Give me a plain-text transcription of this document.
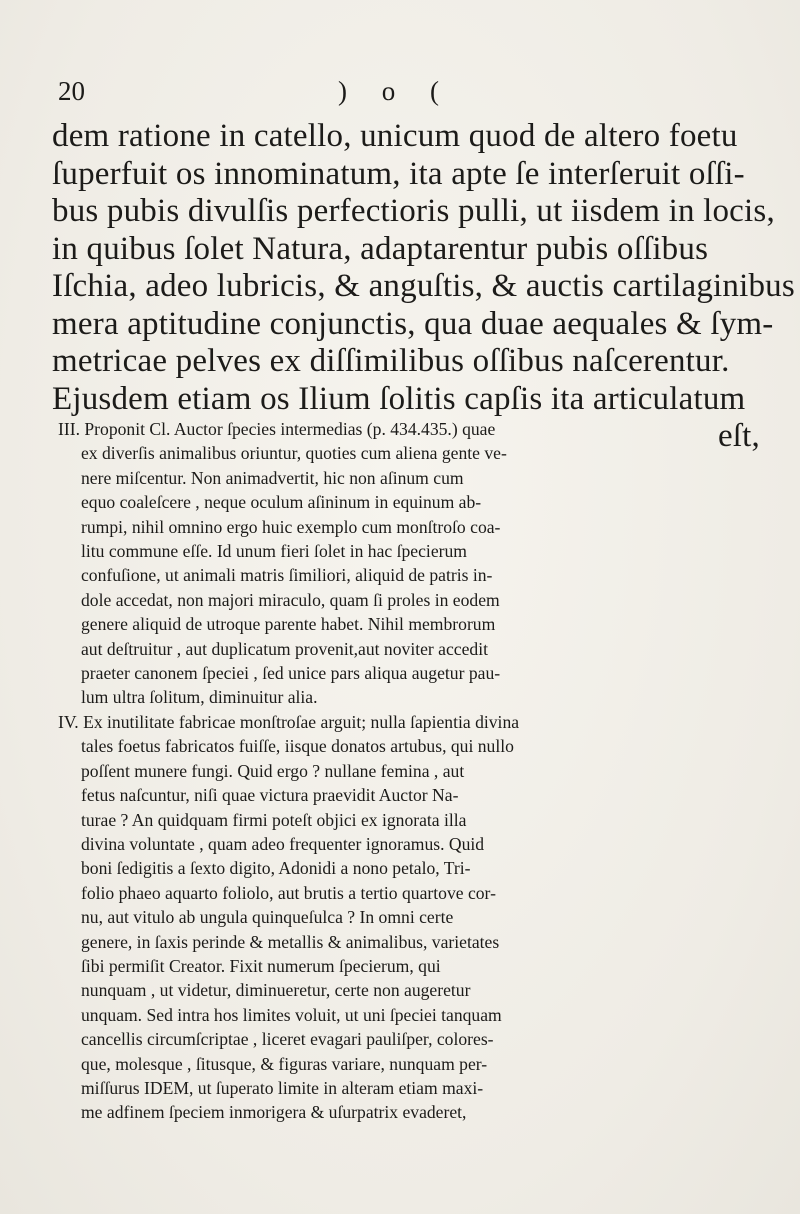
20	) o (
dem ratione in catello, unicum quod de altero foetu
ſuperfuit os innominatum, ita apte ſe interſeruit oſſi-
bus pubis divulſis perfectioris pulli, ut iisdem in locis,
in quibus ſolet Natura, adaptarentur pubis oſſibus
Iſchia, adeo lubricis, & anguſtis, & auctis cartilaginibus
mera aptitudine conjunctis, qua duae aequales & ſym-
metricae pelves ex diſſimilibus oſſibus naſcerentur.
Ejusdem etiam os Ilium ſolitis capſis ita articulatum
eſt,
III. Proponit Cl. Auctor ſpecies intermedias (p. 434.435.) quae
ex diverſis animalibus oriuntur, quoties cum aliena gente ve-
nere miſcentur. Non animadvertit, hic non aſinum cum
equo coaleſcere , neque oculum aſininum in equinum ab-
rumpi, nihil omnino ergo huic exemplo cum monſtroſo coa-
litu commune eſſe. Id unum fieri ſolet in hac ſpecierum
confuſione, ut animali matris ſimiliori, aliquid de patris in-
dole accedat, non majori miraculo, quam ſi proles in eodem
genere aliquid de utroque parente habet. Nihil membrorum
aut deſtruitur , aut duplicatum provenit,aut noviter accedit
praeter canonem ſpeciei , ſed unice pars aliqua augetur pau-
lum ultra ſolitum, diminuitur alia.
IV. Ex inutilitate fabricae monſtroſae arguit; nulla ſapientia divina
tales foetus fabricatos fuiſſe, iisque donatos artubus, qui nullo
poſſent munere fungi. Quid ergo ? nullane femina , aut
fetus naſcuntur, niſi quae victura praevidit Auctor Na-
turae ? An quidquam firmi poteſt objici ex ignorata illa
divina voluntate , quam adeo frequenter ignoramus. Quid
boni ſedigitis a ſexto digito, Adonidi a nono petalo, Tri-
folio phaeo aquarto foliolo, aut brutis a tertio quartove cor-
nu, aut vitulo ab ungula quinqueſulca ? In omni certe
genere, in ſaxis perinde & metallis & animalibus, varietates
ſibi permiſit Creator. Fixit numerum ſpecierum, qui
nunquam , ut videtur, diminueretur, certe non augeretur
unquam. Sed intra hos limites voluit, ut uni ſpeciei tanquam
cancellis circumſcriptae , liceret evagari pauliſper, colores-
que, molesque , ſitusque, & figuras variare, nunquam per-
miſſurus IDEM, ut ſuperato limite in alteram etiam maxi-
me adfinem ſpeciem inmorigera & uſurpatrix evaderet,
